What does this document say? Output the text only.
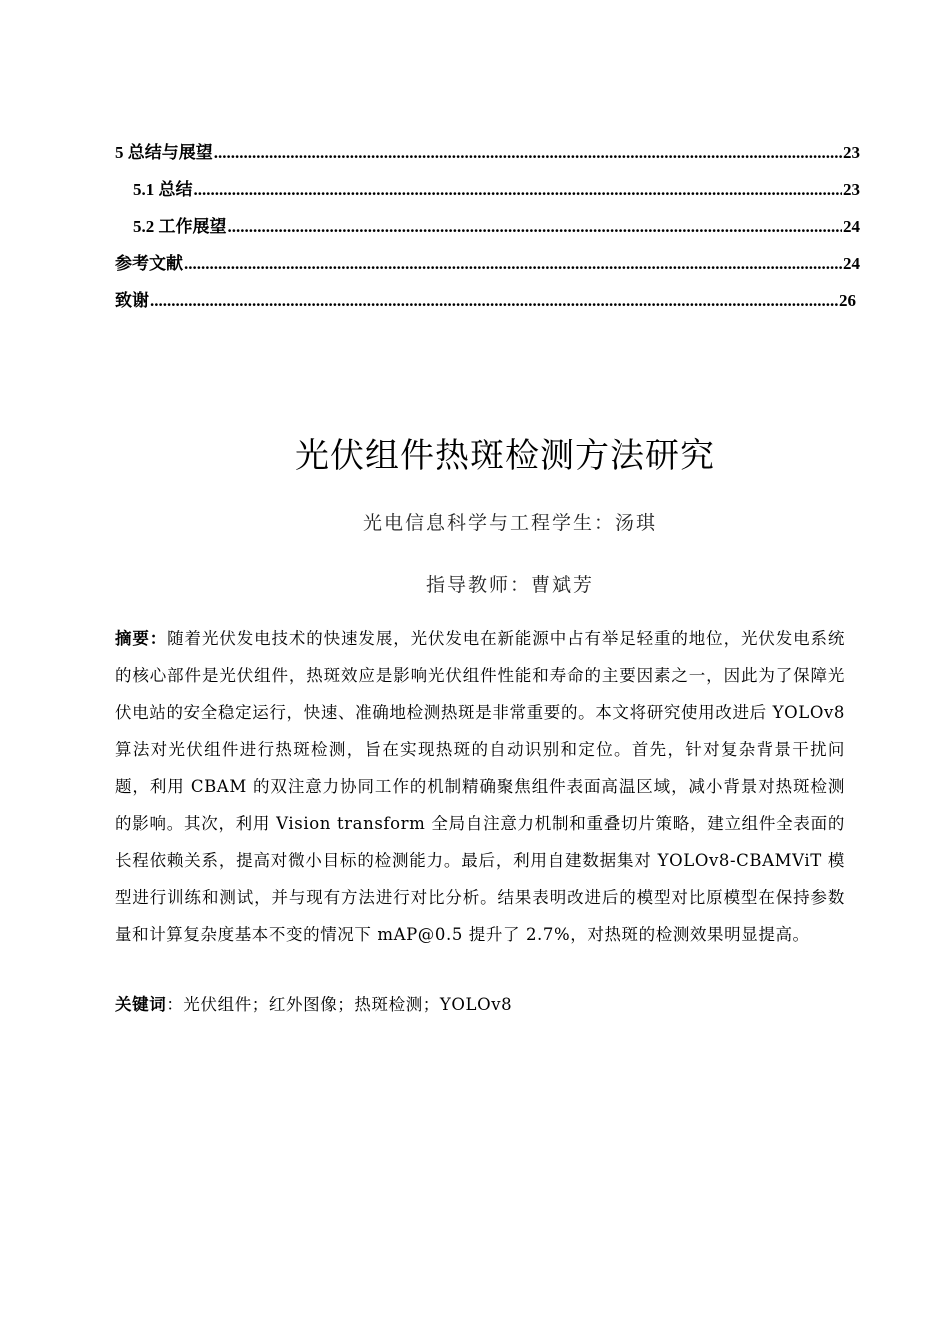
5 总结与展望 .....	23
5.1 总结 .....	23
5.2 工作展望 .....	24
参考文献 .....	24
致谢 .....	26
光伏组件热斑检测方法研究
光电信息科学与工程学生：汤琪
指导教师：曹斌芳
摘要：随着光伏发电技术的快速发展，光伏发电在新能源中占有举足轻重的地位，光伏发电系统的核心部件是光伏组件，热斑效应是影响光伏组件性能和寿命的主要因素之一，因此为了保障光伏电站的安全稳定运行，快速、准确地检测热斑是非常重要的。本文将研究使用改进后 YOLOv8 算法对光伏组件进行热斑检测，旨在实现热斑的自动识别和定位。首先，针对复杂背景干扰问题，利用 CBAM 的双注意力协同工作的机制精确聚焦组件表面高温区域，减小背景对热斑检测的影响。其次，利用 Vision transform 全局自注意力机制和重叠切片策略，建立组件全表面的长程依赖关系，提高对微小目标的检测能力。最后，利用自建数据集对 YOLOv8-CBAMViT 模型进行训练和测试，并与现有方法进行对比分析。结果表明改进后的模型对比原模型在保持参数量和计算复杂度基本不变的情况下 mAP@0.5 提升了 2.7%，对热斑的检测效果明显提高。
关键词：光伏组件；红外图像；热斑检测；YOLOv8
